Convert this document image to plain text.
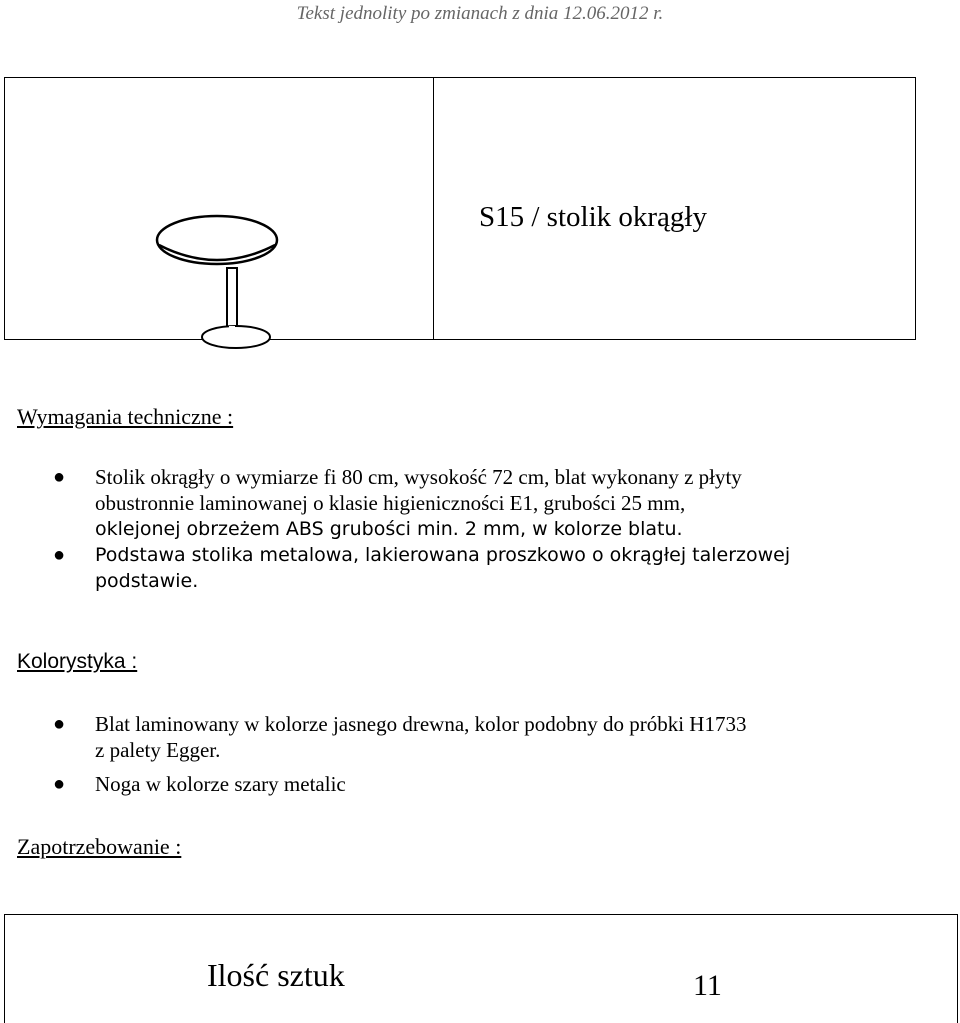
Tekst jednolity po zmianach z dnia 12.06.2012 r.
S15 / stolik okrągły
Wymagania techniczne :
● Stolik okrągły o wymiarze fi 80 cm, wysokość 72 cm, blat wykonany z płyty
obustronnie laminowanej o klasie higieniczności E1, grubości 25 mm,
oklejonej obrzeżem ABS grubości min. 2 mm, w kolorze blatu.
● Podstawa stolika metalowa, lakierowana proszkowo o okrągłej talerzowej
podstawie.
Kolorystyka :
● Blat laminowany w kolorze jasnego drewna, kolor podobny do próbki H1733
z palety Egger.
● Noga w kolorze szary metalic
Zapotrzebowanie :
Ilość sztuk	11
